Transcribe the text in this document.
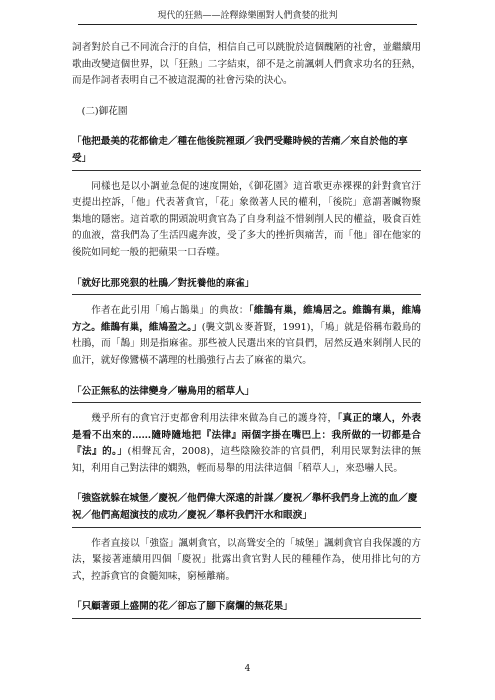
現代的狂熱——詮釋綠樂團對人們貪婪的批判

詞者對於自己不同流合汙的自信，相信自己可以跳脫於這個醜陋的社會，並繼續用歌曲改變這個世界，以「狂熱」二字結束，卻不是之前諷刺人們貪求功名的狂熱，而是作詞者表明自己不被這混濁的社會污染的決心。

(二)御花園
「他把最美的花都偷走／種在他後院裡頭／我們受難時候的苦痛／來自於他的享受」

同樣也是以小調並急促的速度開始，《御花園》這首歌更赤裸裸的針對貪官汙吏提出控訴，「他」代表著貪官，「花」象徵著人民的權利，「後院」意謂著贓物聚集地的隱密。這首歌的開頭說明貪官為了自身利益不惜剝削人民的權益，吸食百姓的血液，當我們為了生活四處奔波，受了多大的挫折與痛苦，而「他」卻在他家的後院如同蛇一般的把蘋果一口吞噬。

「就好比那兇狠的杜鵑／對抚養他的麻雀」

作者在此引用「鳩占鵲巢」的典故：「維鵲有巢，維鳩居之。維鵲有巢，維鳩方之。維鵲有巢，維鳩盈之。」(襲文凱＆麥蒼賢，1991)，「鳩」就是俗稱布穀鳥的杜鵑，而「鵲」則是指麻雀。那些被人民選出來的官員們，居然反過來剝削人民的血汗，就好像鸞橫不講理的杜鵑強行占去了麻雀的巢穴。

「公正無私的法律變身／嚇鳥用的稻草人」

幾乎所有的貪官汙吏都會利用法律來做為自己的護身符，「真正的壞人，外表是看不出來的……隨時隨地把『法律』兩個字掛在嘴巴上：我所做的一切都是合『法』的。」(相聲瓦舍，2008)，這些陰險狡詐的官員們，利用民眾對法律的無知，利用自己對法律的嫻熟，輕而易舉的用法律這個「稻草人」，來恐嚇人民。

「強盜就躲在城堡／慶祝／他們偉大深遠的計謀／慶祝／舉杯我們身上流的血／慶祝／他們高超演技的成功／慶祝／舉杯我們汗水和眼淚」

作者直接以「強盜」諷刺貪官，以高聳安全的「城堡」諷刺貪官自我保護的方法，緊接著連續用四個「慶祝」批露出貪官對人民的種種作為，使用排比句的方式，控訴貪官的食髓知味，窮極離痛。

「只顧著頭上盛開的花／卻忘了腳下腐爛的無花果」
4
